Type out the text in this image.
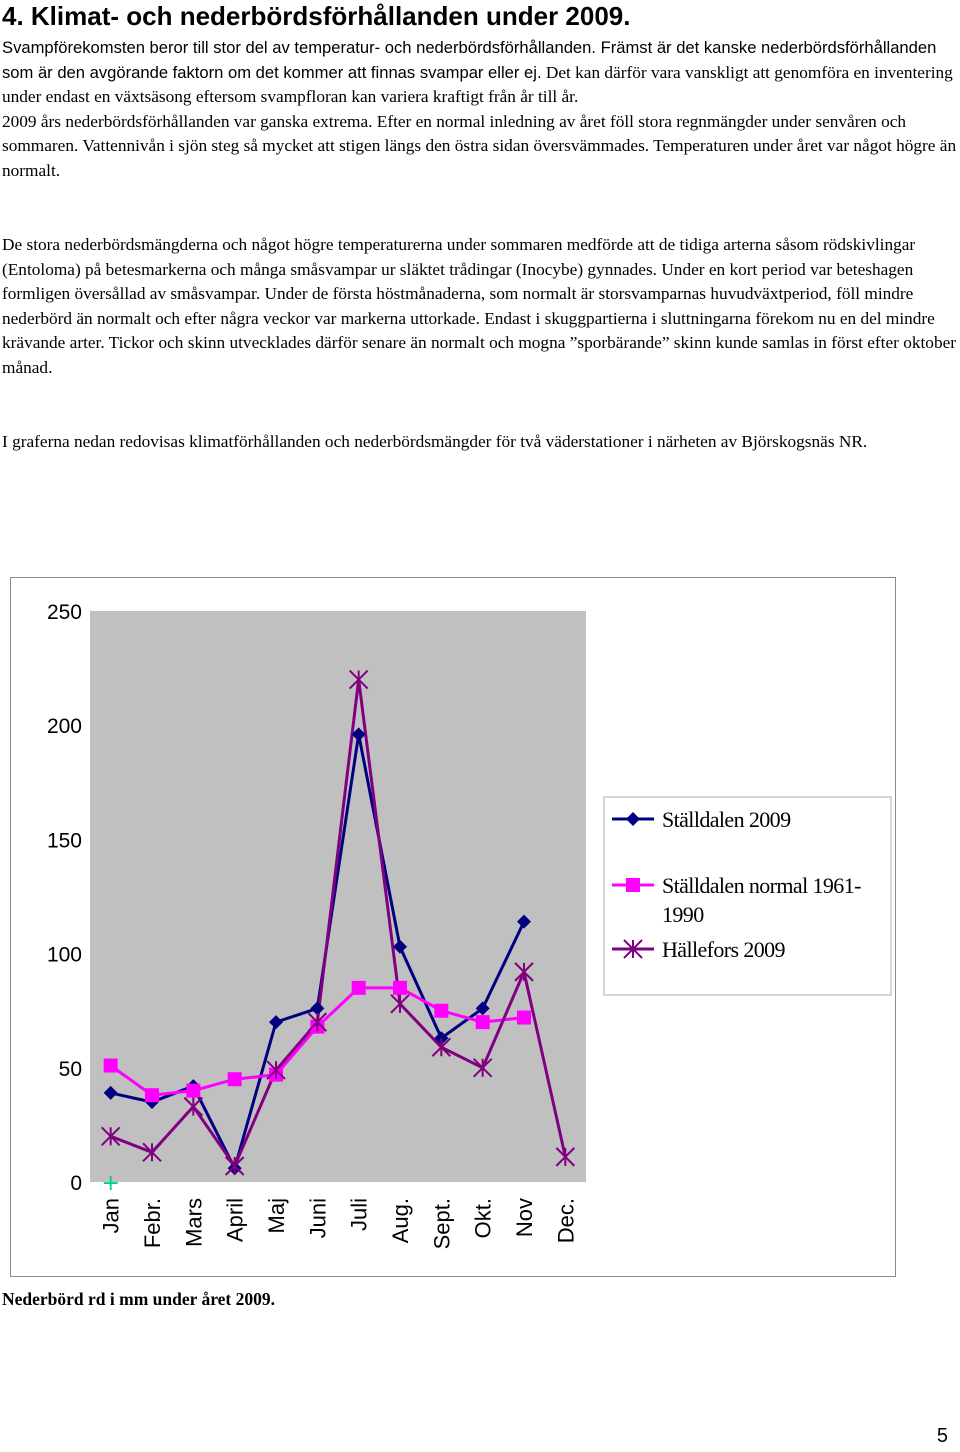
4. Klimat- och nederbördsförhållanden under 2009.

Svampförekomsten beror till stor del av temperatur- och nederbördsförhållanden. Främst är det kanske nederbördsförhållanden som är den avgörande faktorn om det kommer att finnas svampar eller ej. Det kan därför vara vanskligt att genomföra en inventering under endast en växtsäsong eftersom svampfloran kan variera kraftigt från år till år.
2009 års nederbördsförhållanden var ganska extrema. Efter en normal inledning av året föll stora regnmängder under senvåren och sommaren. Vattennivån i sjön steg så mycket att stigen längs den östra sidan översvämmades. Temperaturen under året var något högre än normalt.

De stora nederbördsmängderna och något högre temperaturerna under sommaren medförde att de tidiga arterna såsom rödskivlingar (Entoloma) på betesmarkerna och många småsvampar ur släktet trådingar (Inocybe) gynnades. Under en kort period var beteshagen formligen översållad av småsvampar. Under de första höstmånaderna, som normalt är storsvamparnas huvudväxtperiod, föll mindre nederbörd än normalt och efter några veckor var markerna uttorkade. Endast i skuggpartierna i sluttningarna förekom nu en del mindre krävande arter. Tickor och skinn utvecklades därför senare än normalt och mogna ”sporbärande” skinn kunde samlas in först efter oktober månad.

I graferna nedan redovisas klimatförhållanden och nederbördsmängder för två väderstationer i närheten av Björskogsnäs NR.

0
50
100
150
200
250
+
Jan Febr. Mars April Maj Juni Juli Aug. Sept. Okt. Nov Dec.
Ställdalen 2009
Ställdalen normal 1961-1990
Hällefors 2009

Nederbörd rd i mm under året 2009.

5
